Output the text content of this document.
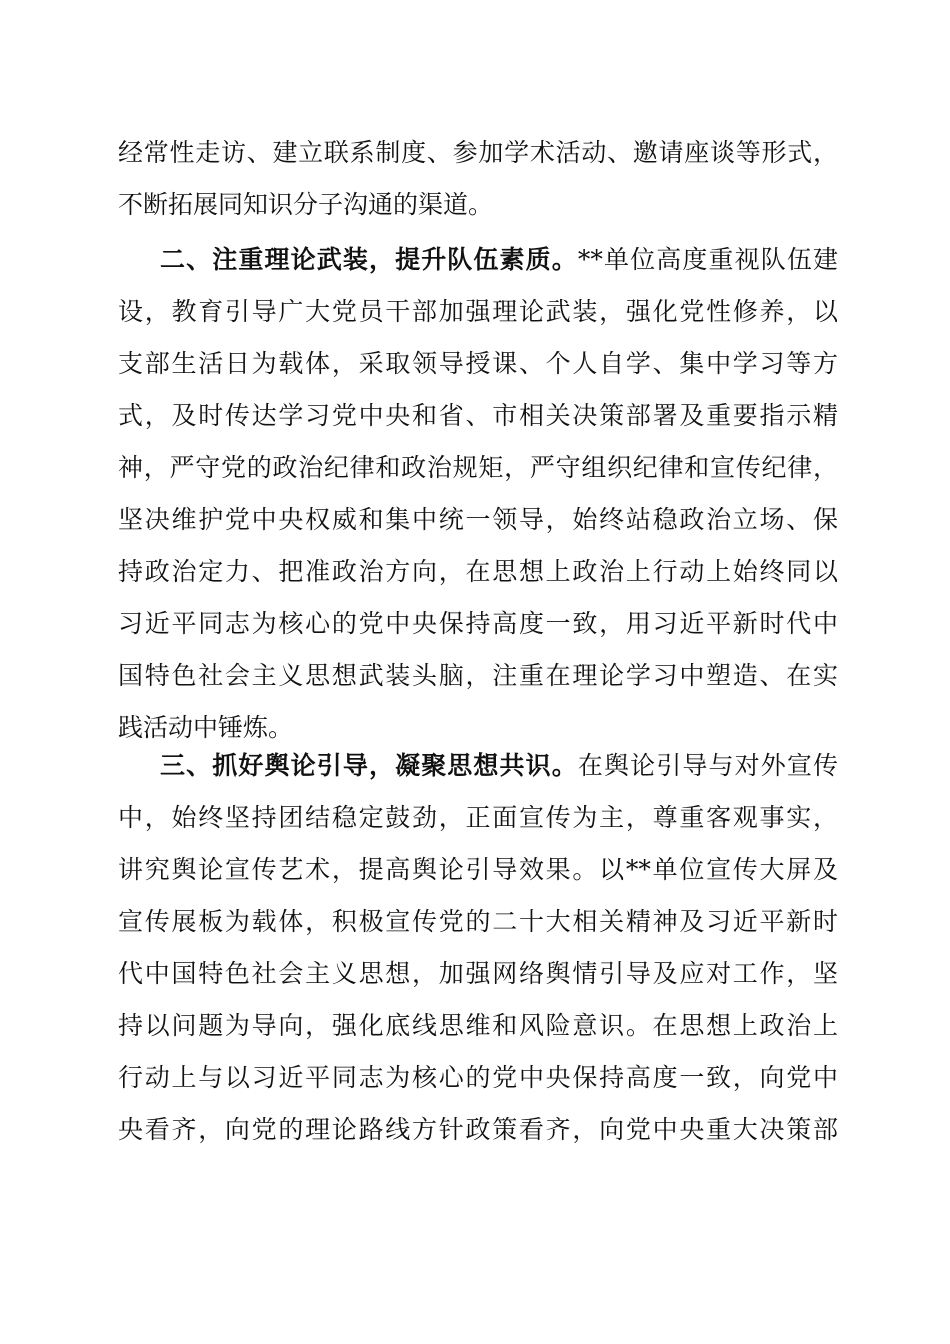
经常性走访、建立联系制度、参加学术活动、邀请座谈等形式，
不断拓展同知识分子沟通的渠道。
二、注重理论武装，提升队伍素质。**单位高度重视队伍建
设，教育引导广大党员干部加强理论武装，强化党性修养，以
支部生活日为载体，采取领导授课、个人自学、集中学习等方
式，及时传达学习党中央和省、市相关决策部署及重要指示精
神，严守党的政治纪律和政治规矩，严守组织纪律和宣传纪律，
坚决维护党中央权威和集中统一领导，始终站稳政治立场、保
持政治定力、把准政治方向，在思想上政治上行动上始终同以
习近平同志为核心的党中央保持高度一致，用习近平新时代中
国特色社会主义思想武装头脑，注重在理论学习中塑造、在实
践活动中锤炼。
三、抓好舆论引导，凝聚思想共识。在舆论引导与对外宣传
中，始终坚持团结稳定鼓劲，正面宣传为主，尊重客观事实，
讲究舆论宣传艺术，提高舆论引导效果。以**单位宣传大屏及
宣传展板为载体，积极宣传党的二十大相关精神及习近平新时
代中国特色社会主义思想，加强网络舆情引导及应对工作，坚
持以问题为导向，强化底线思维和风险意识。在思想上政治上
行动上与以习近平同志为核心的党中央保持高度一致，向党中
央看齐，向党的理论路线方针政策看齐，向党中央重大决策部
